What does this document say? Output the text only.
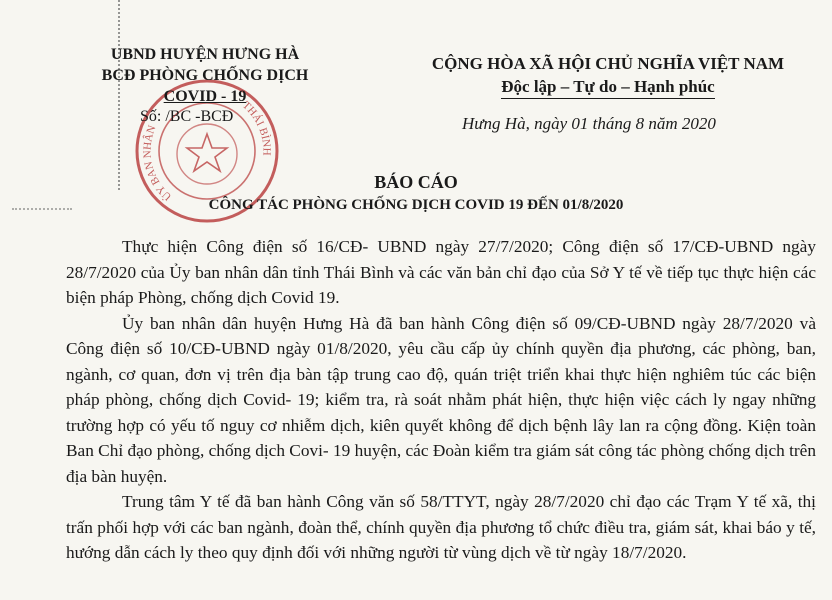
ỦY BAN NHÂN
THÁI BÌNH
UBND HUYỆN HƯNG HÀ
BCĐ PHÒNG CHỐNG DỊCH
COVID - 19
Số: /BC -BCĐ
CỘNG HÒA XÃ HỘI CHỦ NGHĨA VIỆT NAM
Độc lập – Tự do – Hạnh phúc
Hưng Hà, ngày 01 tháng 8 năm 2020
BÁO CÁO
CÔNG TÁC PHÒNG CHỐNG DỊCH COVID 19 ĐẾN 01/8/2020

Thực hiện Công điện số 16/CĐ- UBND ngày 27/7/2020; Công điện số 17/CĐ-UBND ngày 28/7/2020 của Ủy ban nhân dân tỉnh Thái Bình và các văn bản chỉ đạo của Sở Y tế về tiếp tục thực hiện các biện pháp Phòng, chống dịch Covid 19.

Ủy ban nhân dân huyện Hưng Hà đã ban hành Công điện số 09/CĐ-UBND ngày 28/7/2020 và Công điện số 10/CĐ-UBND ngày 01/8/2020, yêu cầu cấp ủy chính quyền địa phương, các phòng, ban, ngành, cơ quan, đơn vị trên địa bàn tập trung cao độ, quán triệt triển khai thực hiện nghiêm túc các biện pháp phòng, chống dịch Covid- 19; kiểm tra, rà soát nhằm phát hiện, thực hiện việc cách ly ngay những trường hợp có yếu tố nguy cơ nhiễm dịch, kiên quyết không để dịch bệnh lây lan ra cộng đồng. Kiện toàn Ban Chỉ đạo phòng, chống dịch Covi- 19 huyện, các Đoàn kiểm tra giám sát công tác phòng chống dịch trên địa bàn huyện.

Trung tâm Y tế đã ban hành Công văn số 58/TTYT, ngày 28/7/2020 chỉ đạo các Trạm Y tế xã, thị trấn phối hợp với các ban ngành, đoàn thể, chính quyền địa phương tổ chức điều tra, giám sát, khai báo y tế, hướng dẫn cách ly theo quy định đối với những người từ vùng dịch về từ ngày 18/7/2020.
